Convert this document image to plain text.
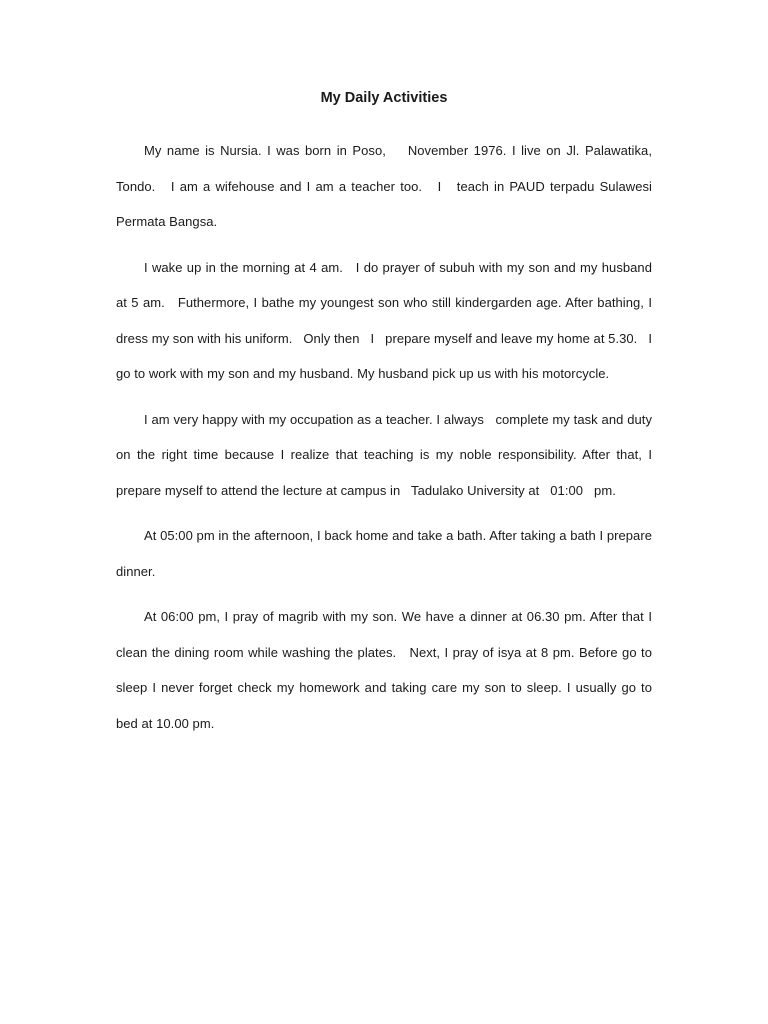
My Daily Activities

My name is Nursia. I was born in Poso,    November 1976. I live on Jl. Palawatika, Tondo.   I am a wifehouse and I am a teacher too.   I   teach in PAUD terpadu Sulawesi Permata Bangsa.

I wake up in the morning at 4 am.   I do prayer of subuh with my son and my husband at 5 am.   Futhermore, I bathe my youngest son who still kindergarden age. After bathing, I dress my son with his uniform.   Only then   I   prepare myself and leave my home at 5.30.   I go to work with my son and my husband. My husband pick up us with his motorcycle.

I am very happy with my occupation as a teacher. I always   complete my task and duty on the right time because I realize that teaching is my noble responsibility. After that, I prepare myself to attend the lecture at campus in   Tadulako University at   01:00   pm.

At 05:00 pm in the afternoon, I back home and take a bath. After taking a bath I prepare dinner.

At 06:00 pm, I pray of magrib with my son. We have a dinner at 06.30 pm. After that I clean the dining room while washing the plates.   Next, I pray of isya at 8 pm. Before go to sleep I never forget check my homework and taking care my son to sleep. I usually go to bed at 10.00 pm.
